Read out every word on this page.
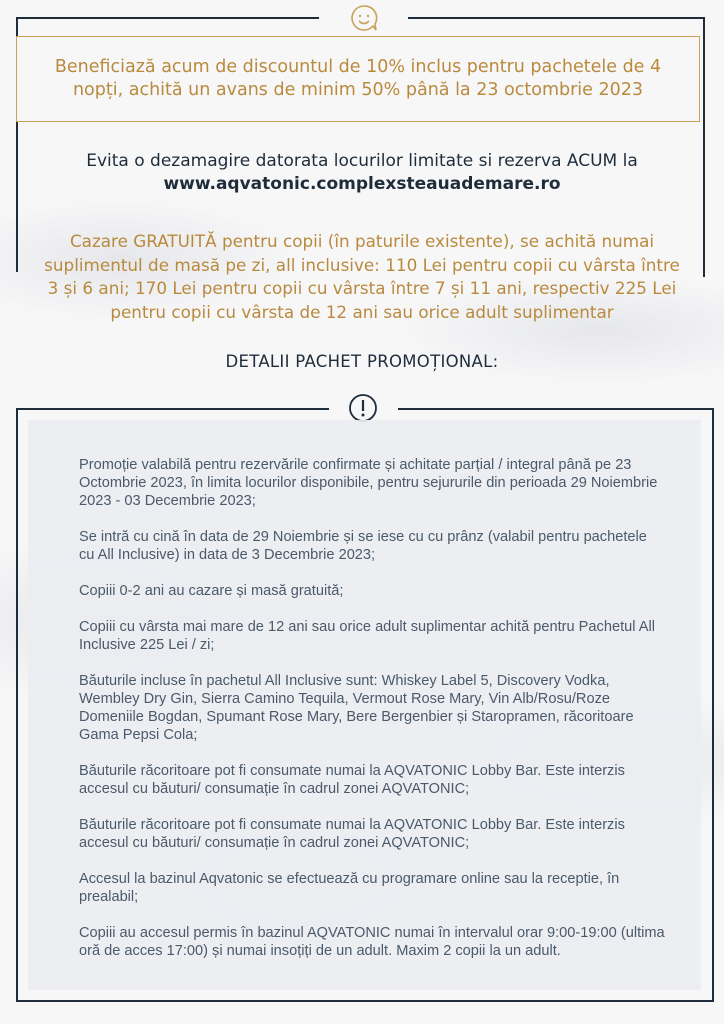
Beneficiază acum de discountul de 10% inclus pentru pachetele de 4 nopți, achită un avans de minim 50% până la 23 octombrie 2023

Evita o dezamagire datorata locurilor limitate si rezerva ACUM la
www.aqvatonic.complexsteauademare.ro
Cazare GRATUITĂ pentru copii (în paturile existente), se achită numai suplimentul de masă pe zi, all inclusive: 110 Lei pentru copii cu vârsta între 3 și 6 ani; 170 Lei pentru copii cu vârsta între 7 și 11 ani, respectiv 225 Lei pentru copii cu vârsta de 12 ani sau orice adult suplimentar
DETALII PACHET PROMOȚIONAL:

Promoție valabilă pentru rezervările confirmate și achitate parțial / integral până pe 23 Octombrie 2023, în limita locurilor disponibile, pentru sejururile din perioada 29 Noiembrie 2023 - 03 Decembrie 2023;

Se intră cu cină în data de 29 Noiembrie și se iese cu cu prânz (valabil pentru pachetele cu All Inclusive) in data de 3 Decembrie 2023;

Copiii 0-2 ani au cazare și masă gratuită;

Copiii cu vârsta mai mare de 12 ani sau orice adult suplimentar achită pentru Pachetul All Inclusive 225 Lei / zi;

Băuturile incluse în pachetul All Inclusive sunt: Whiskey Label 5, Discovery Vodka, Wembley Dry Gin, Sierra Camino Tequila, Vermout Rose Mary, Vin Alb/Rosu/Roze Domeniile Bogdan, Spumant Rose Mary, Bere Bergenbier și Staropramen, răcoritoare Gama Pepsi Cola;

Băuturile răcoritoare pot fi consumate numai la AQVATONIC Lobby Bar. Este interzis accesul cu băuturi/ consumație în cadrul zonei AQVATONIC;

Băuturile răcoritoare pot fi consumate numai la AQVATONIC Lobby Bar. Este interzis accesul cu băuturi/ consumație în cadrul zonei AQVATONIC;

Accesul la bazinul Aqvatonic se efectuează cu programare online sau la receptie, în prealabil;

Copiii au accesul permis în bazinul AQVATONIC numai în intervalul orar 9:00-19:00 (ultima oră de acces 17:00) și numai insoțiți de un adult. Maxim 2 copii la un adult.
